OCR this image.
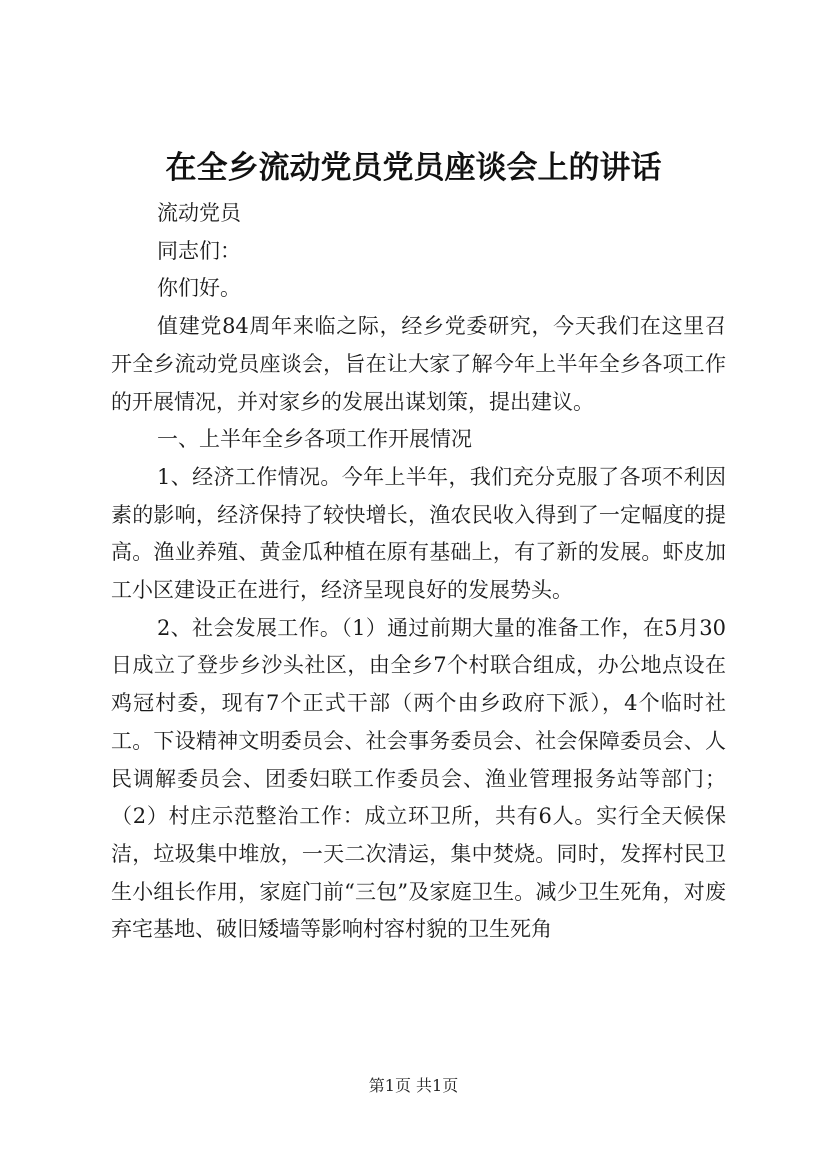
在全乡流动党员党员座谈会上的讲话

流动党员

同志们：

你们好。

值建党84周年来临之际，经乡党委研究，今天我们在这里召开全乡流动党员座谈会，旨在让大家了解今年上半年全乡各项工作的开展情况，并对家乡的发展出谋划策，提出建议。

一、上半年全乡各项工作开展情况

1、经济工作情况。今年上半年，我们充分克服了各项不利因素的影响，经济保持了较快增长，渔农民收入得到了一定幅度的提高。渔业养殖、黄金瓜种植在原有基础上，有了新的发展。虾皮加工小区建设正在进行，经济呈现良好的发展势头。

2、社会发展工作。（1）通过前期大量的准备工作，在5月30日成立了登步乡沙头社区，由全乡7个村联合组成，办公地点设在鸡冠村委，现有7个正式干部（两个由乡政府下派），4个临时社工。下设精神文明委员会、社会事务委员会、社会保障委员会、人民调解委员会、团委妇联工作委员会、渔业管理报务站等部门；（2）村庄示范整治工作：成立环卫所，共有6人。实行全天候保洁，垃圾集中堆放，一天二次清运，集中焚烧。同时，发挥村民卫生小组长作用，家庭门前“三包”及家庭卫生。减少卫生死角，对废弃宅基地、破旧矮墙等影响村容村貌的卫生死角

第1页 共1页
